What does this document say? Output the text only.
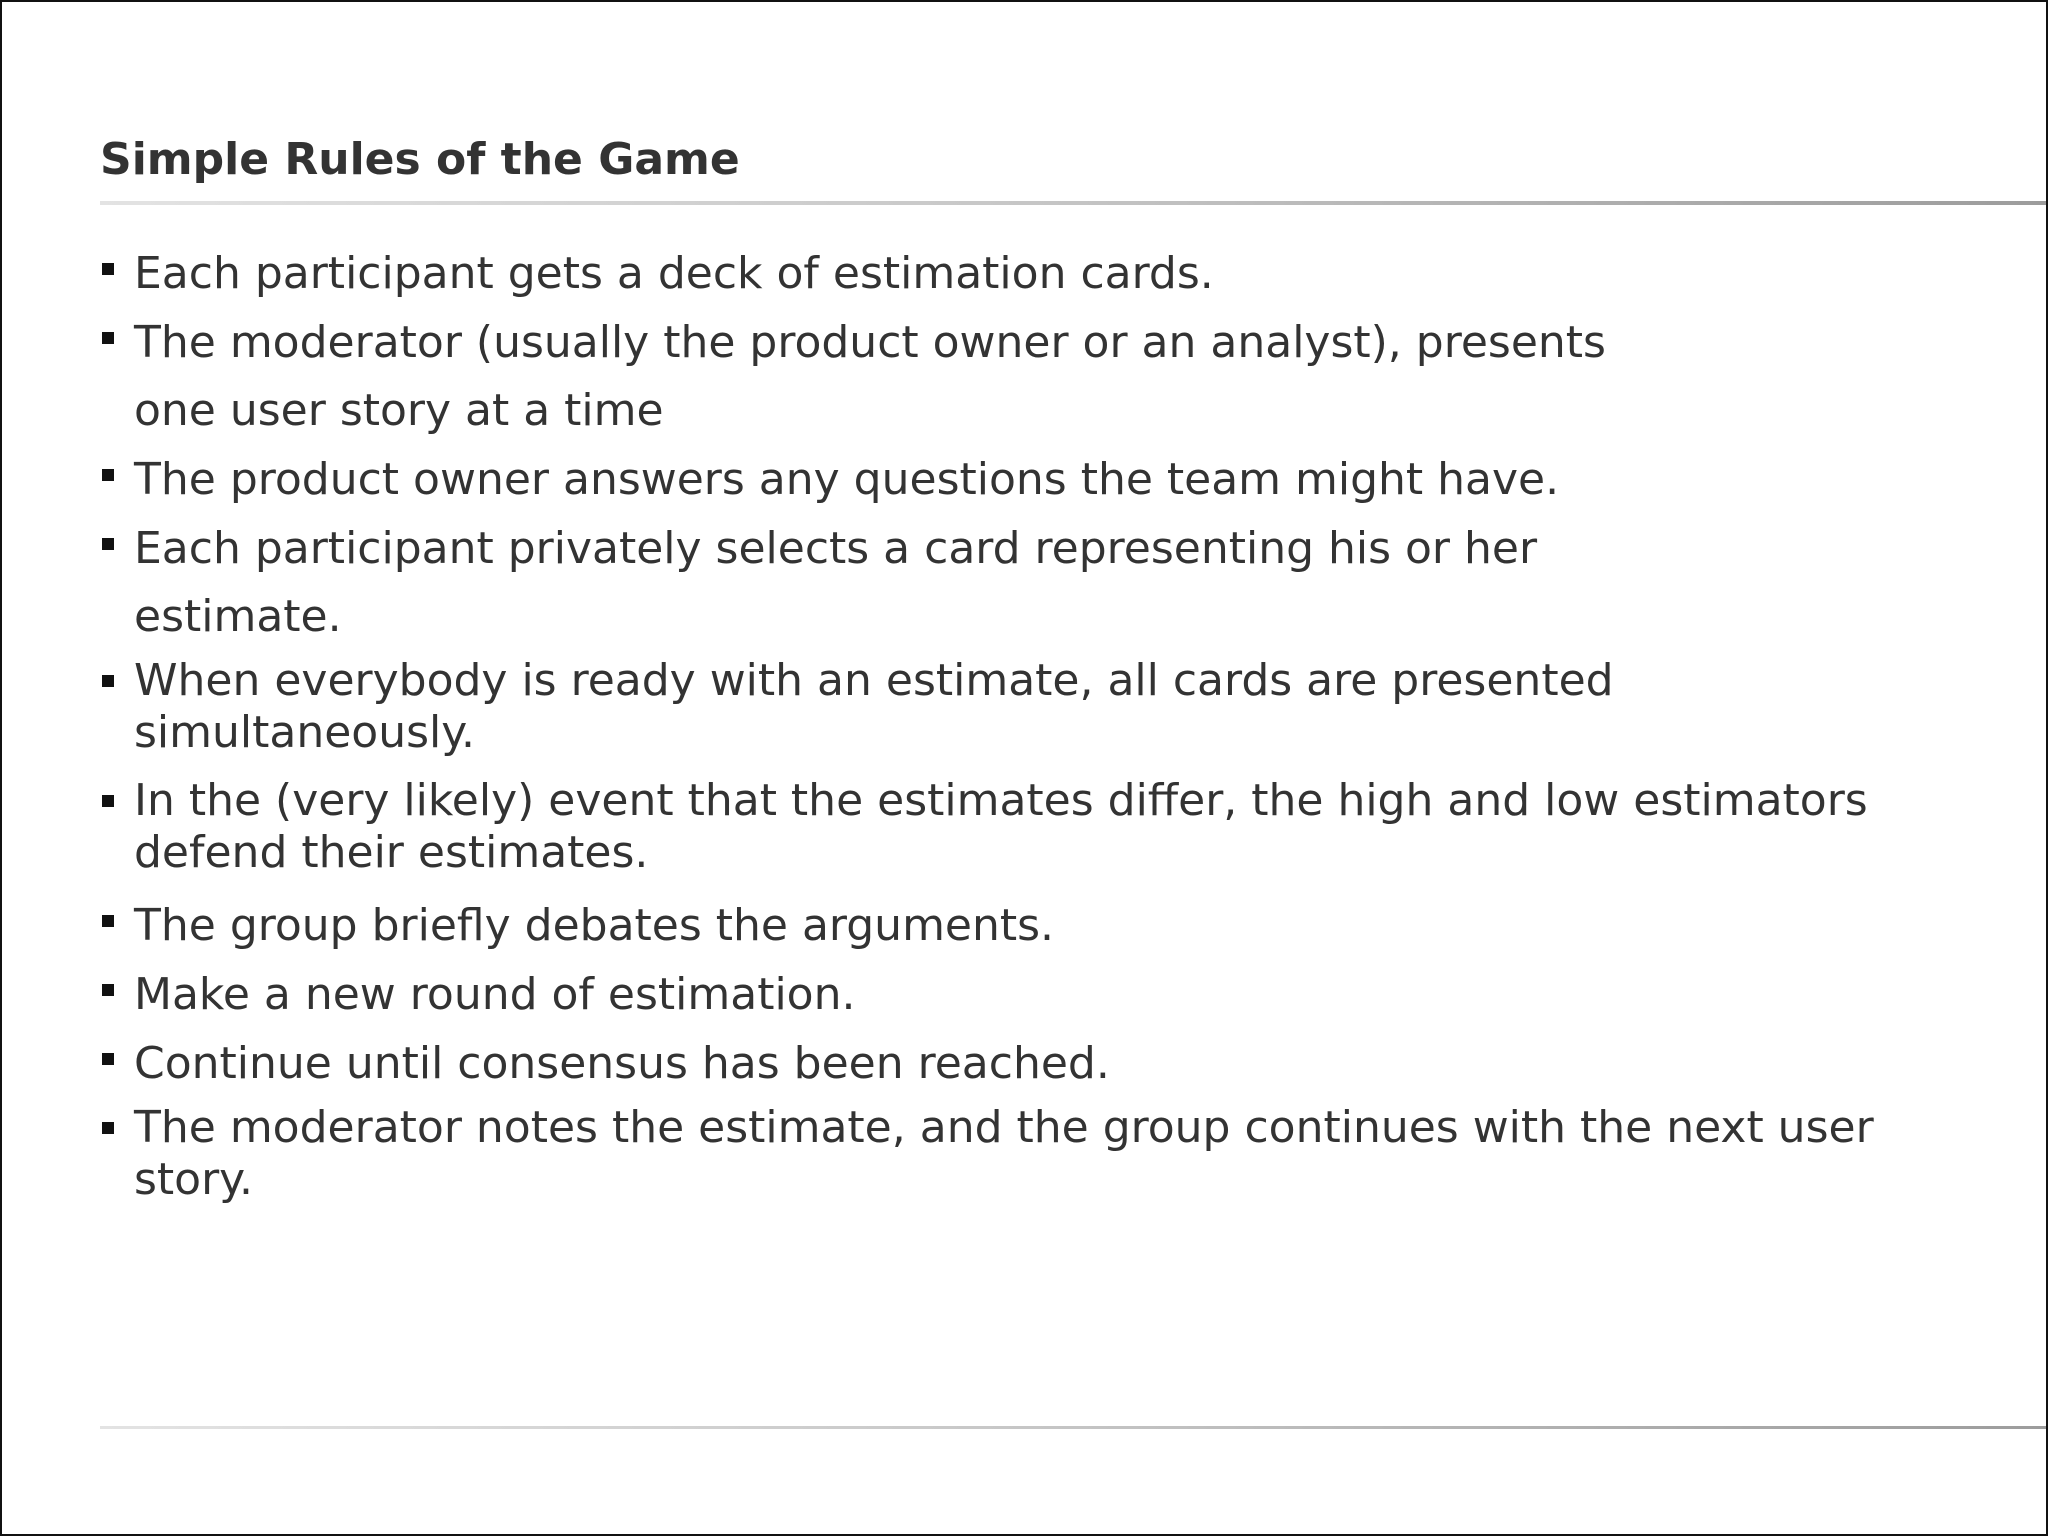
Simple Rules of the Game
Each participant gets a deck of estimation cards.
The moderator (usually the product owner or an analyst), presents
one user story at a time
The product owner answers any questions the team might have.
Each participant privately selects a card representing his or her
estimate.
When everybody is ready with an estimate, all cards are presented
simultaneously.
In the (very likely) event that the estimates differ, the high and low estimators
defend their estimates.
The group briefly debates the arguments.
Make a new round of estimation.
Continue until consensus has been reached.
The moderator notes the estimate, and the group continues with the next user
story.
